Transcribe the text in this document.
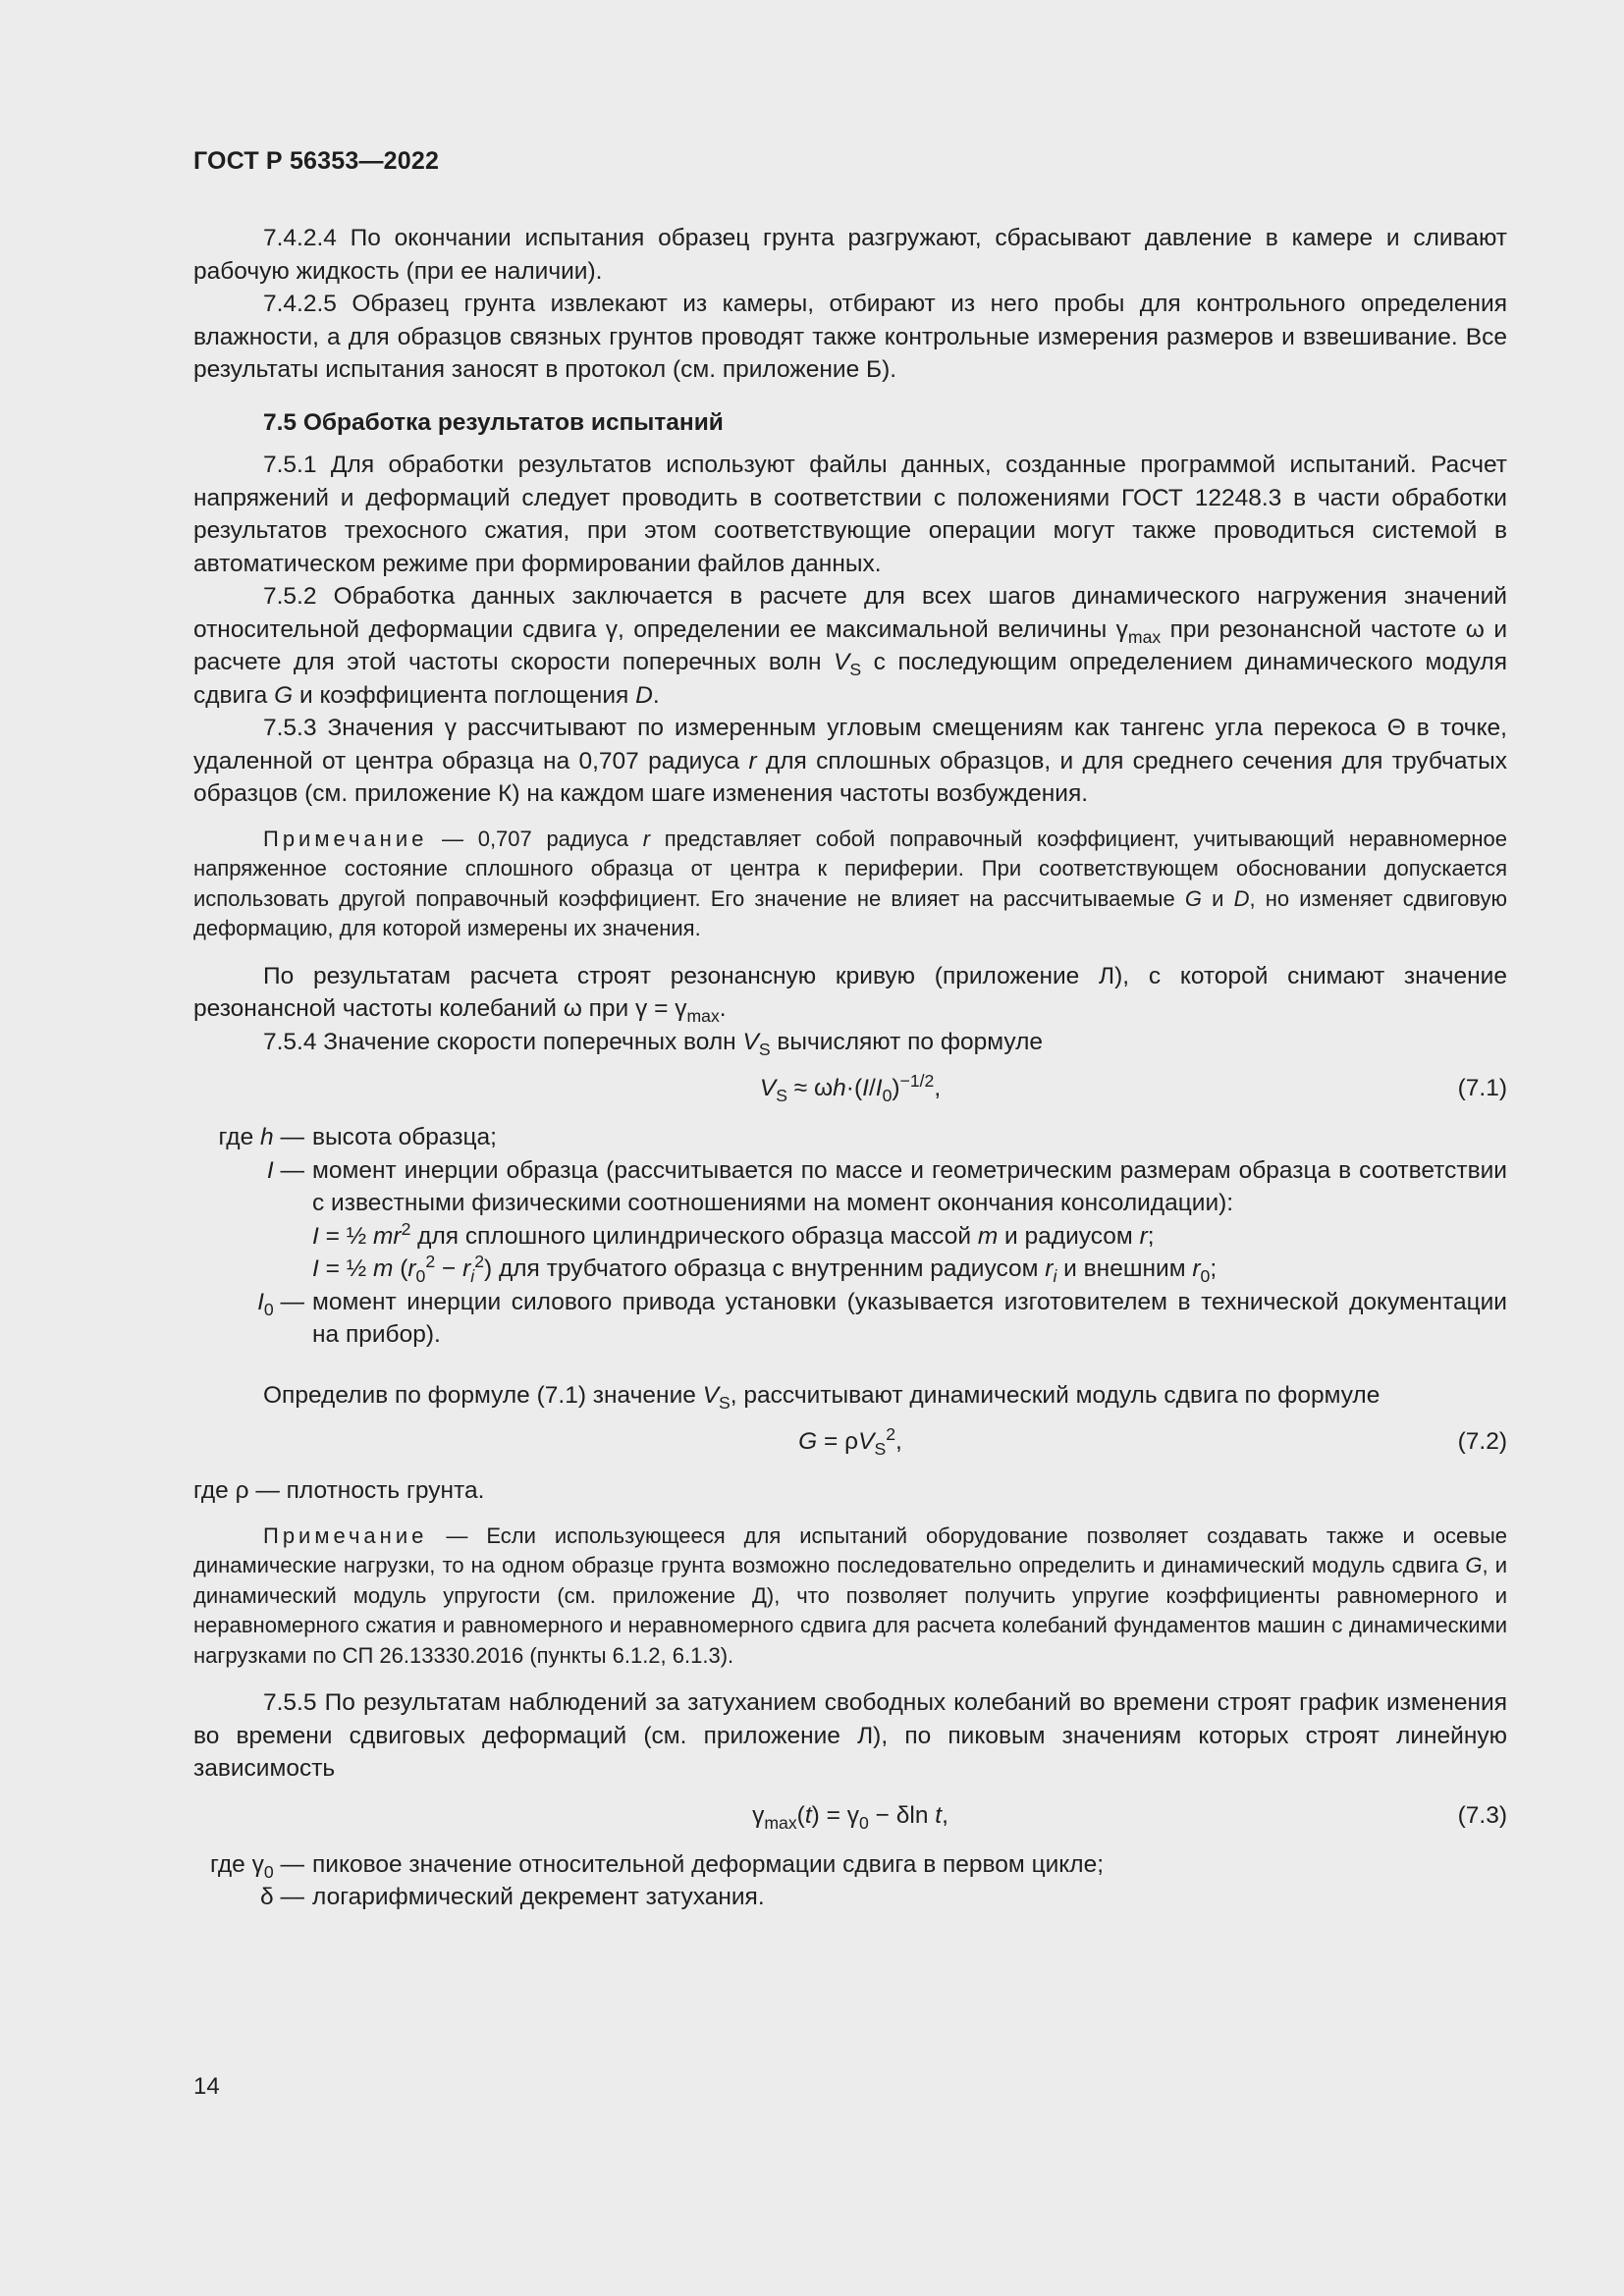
ГОСТ Р 56353—2022

7.4.2.4 По окончании испытания образец грунта разгружают, сбрасывают давление в камере и сливают рабочую жидкость (при ее наличии).

7.4.2.5 Образец грунта извлекают из камеры, отбирают из него пробы для контрольного определения влажности, а для образцов связных грунтов проводят также контрольные измерения размеров и взвешивание. Все результаты испытания заносят в протокол (см. приложение Б).

7.5 Обработка результатов испытаний

7.5.1 Для обработки результатов используют файлы данных, созданные программой испытаний. Расчет напряжений и деформаций следует проводить в соответствии с положениями ГОСТ 12248.3 в части обработки результатов трехосного сжатия, при этом соответствующие операции могут также проводиться системой в автоматическом режиме при формировании файлов данных.

7.5.2 Обработка данных заключается в расчете для всех шагов динамического нагружения значений относительной деформации сдвига γ, определении ее максимальной величины $\gamma_{max}$ при резонансной частоте ω и расчете для этой частоты скорости поперечных волн $V_S$ с последующим определением динамического модуля сдвига G и коэффициента поглощения D.

7.5.3 Значения γ рассчитывают по измеренным угловым смещениям как тангенс угла перекоса Θ в точке, удаленной от центра образца на 0,707 радиуса r для сплошных образцов, и для среднего сечения для трубчатых образцов (см. приложение К) на каждом шаге изменения частоты возбуждения.

Примечание — 0,707 радиуса r представляет собой поправочный коэффициент, учитывающий неравномерное напряженное состояние сплошного образца от центра к периферии. При соответствующем обосновании допускается использовать другой поправочный коэффициент. Его значение не влияет на рассчитываемые G и D, но изменяет сдвиговую деформацию, для которой измерены их значения.

По результатам расчета строят резонансную кривую (приложение Л), с которой снимают значение резонансной частоты колебаний ω при $\gamma = \gamma_{max}$.

7.5.4 Значение скорости поперечных волн $V_S$ вычисляют по формуле

$V_S \approx \omega h\cdot(I/I_0)^{-1/2}$,	(7.1)
где h — высота образца;
I — момент инерции образца (рассчитывается по массе и геометрическим размерам образца в соответствии с известными физическими соотношениями на момент окончания консолидации):
I = ½ $mr^2$ для сплошного цилиндрического образца массой m и радиусом r;
I = ½ m $(r_0^2 - r_i^2)$ для трубчатого образца с внутренним радиусом $r_i$ и внешним $r_0$;
$I_0$ — момент инерции силового привода установки (указывается изготовителем в технической документации на прибор).

Определив по формуле (7.1) значение $V_S$, рассчитывают динамический модуль сдвига по формуле

$G = \rho V_S^2$,	(7.2)
где ρ — плотность грунта.

Примечание — Если использующееся для испытаний оборудование позволяет создавать также и осевые динамические нагрузки, то на одном образце грунта возможно последовательно определить и динамический модуль сдвига G, и динамический модуль упругости (см. приложение Д), что позволяет получить упругие коэффициенты равномерного и неравномерного сжатия и равномерного и неравномерного сдвига для расчета колебаний фундаментов машин с динамическими нагрузками по СП 26.13330.2016 (пункты 6.1.2, 6.1.3).

7.5.5 По результатам наблюдений за затуханием свободных колебаний во времени строят график изменения во времени сдвиговых деформаций (см. приложение Л), по пиковым значениям которых строят линейную зависимость

$\gamma_{max}(t) = \gamma_0 - \delta\ln$ t,	(7.3)
где $\gamma_0$ — пиковое значение относительной деформации сдвига в первом цикле;
δ — логарифмический декремент затухания.
14
